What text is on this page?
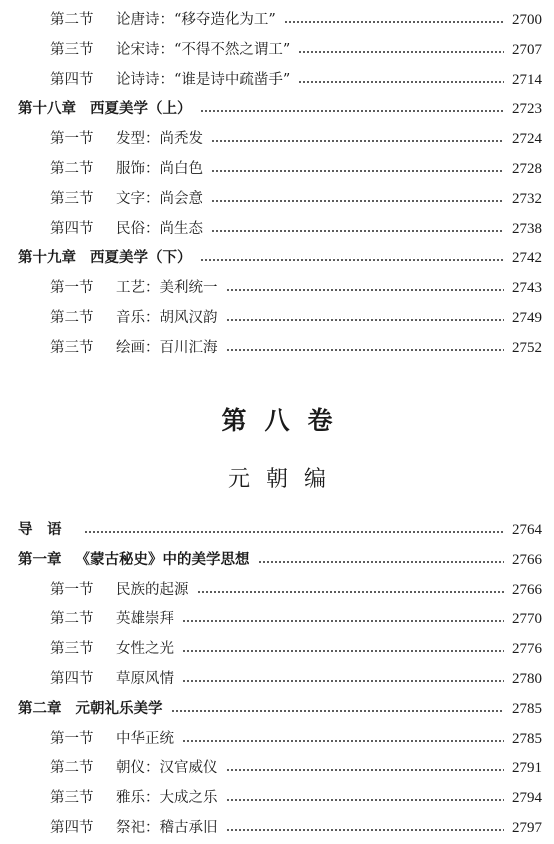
第二节 论唐诗：“移夺造化为工”	2700
第三节 论宋诗：“不得不然之谓工”	2707
第四节 论诗诗：“谁是诗中疏凿手”	2714
第十八章 西夏美学（上）	2723
第一节 发型：尚秃发	2724
第二节 服饰：尚白色	2728
第三节 文字：尚会意	2732
第四节 民俗：尚生态	2738
第十九章 西夏美学（下）	2742
第一节 工艺：美利统一	2743
第二节 音乐：胡风汉韵	2749
第三节 绘画：百川汇海	2752
第八卷
元朝编
导　语	2764
第一章 《蒙古秘史》中的美学思想	2766
第一节 民族的起源	2766
第二节 英雄崇拜	2770
第三节 女性之光	2776
第四节 草原风情	2780
第二章 元朝礼乐美学	2785
第一节 中华正统	2785
第二节 朝仪：汉官威仪	2791
第三节 雅乐：大成之乐	2794
第四节 祭祀：稽古承旧	2797
